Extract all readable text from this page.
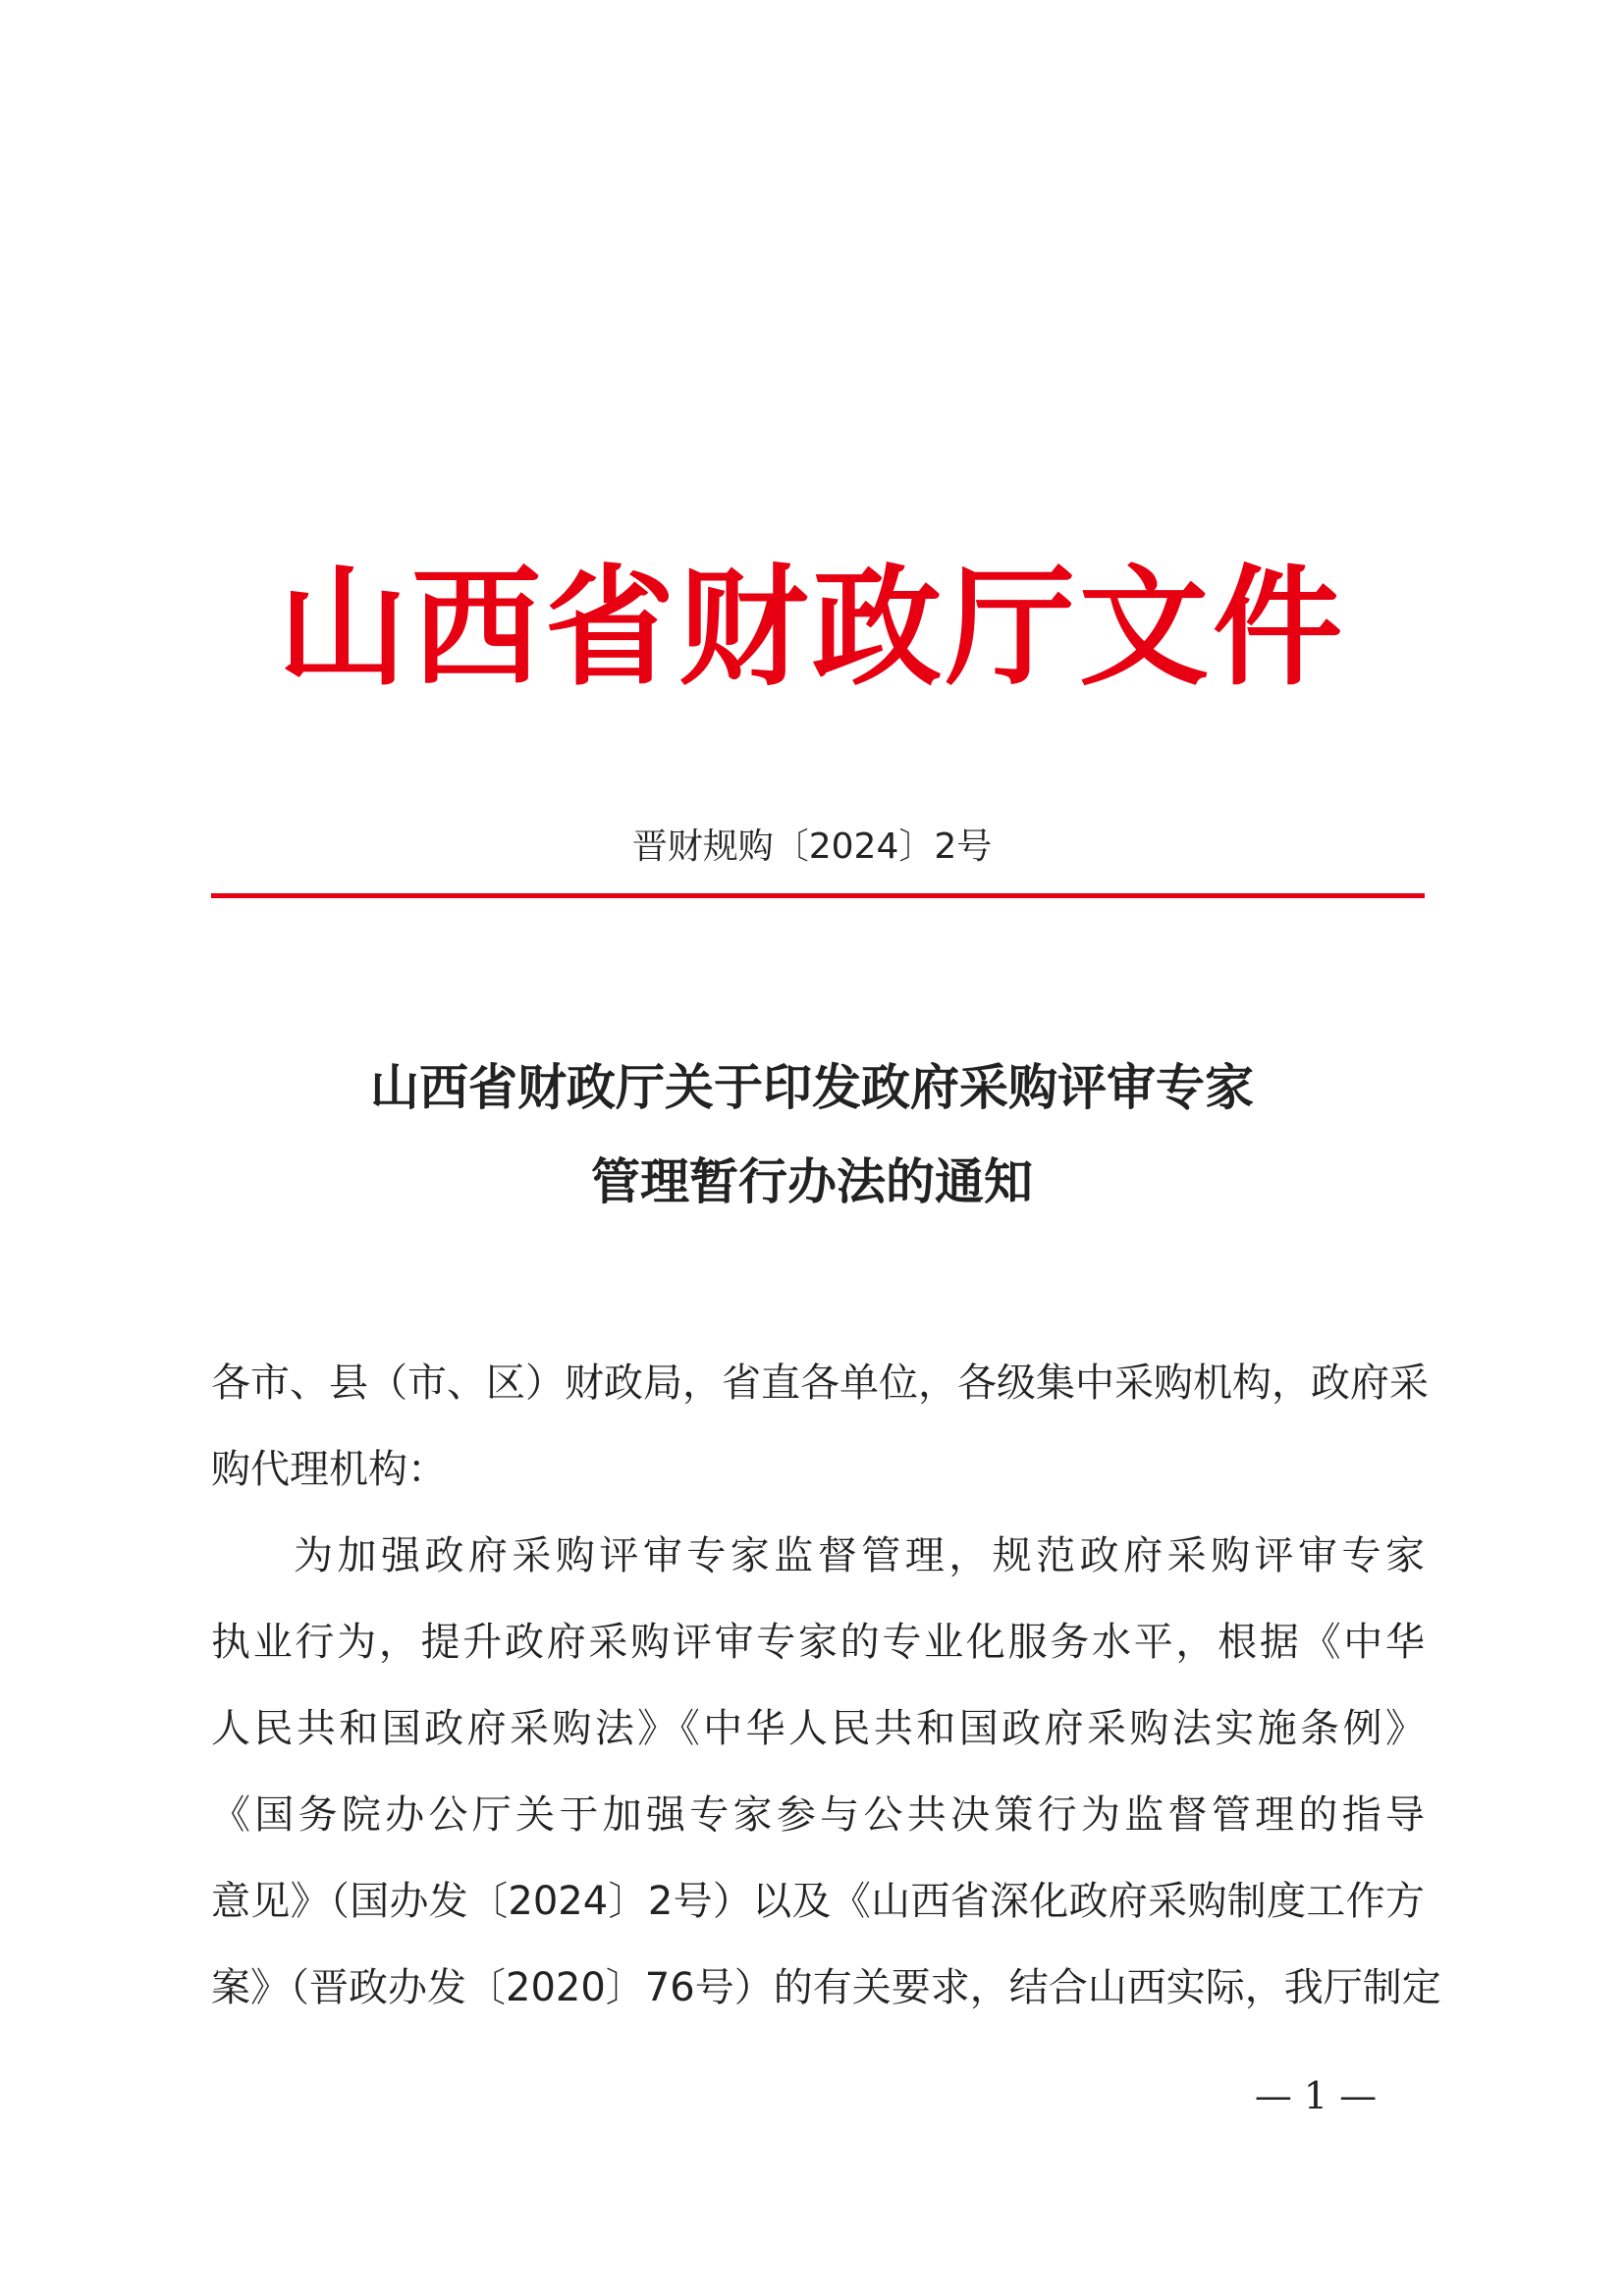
山西省财政厅文件
晋财规购〔2024〕2号
山西省财政厅关于印发政府采购评审专家
管理暂行办法的通知
各市、县（市、区）财政局，省直各单位，各级集中采购机构，政府采
购代理机构：
为加强政府采购评审专家监督管理，规范政府采购评审专家
执业行为，提升政府采购评审专家的专业化服务水平，根据《中华
人民共和国政府采购法》《中华人民共和国政府采购法实施条例》
《国务院办公厅关于加强专家参与公共决策行为监督管理的指导
意见》（国办发〔2024〕2号）以及《山西省深化政府采购制度工作方
案》（晋政办发〔2020〕76号）的有关要求，结合山西实际，我厅制定
— 1 —
